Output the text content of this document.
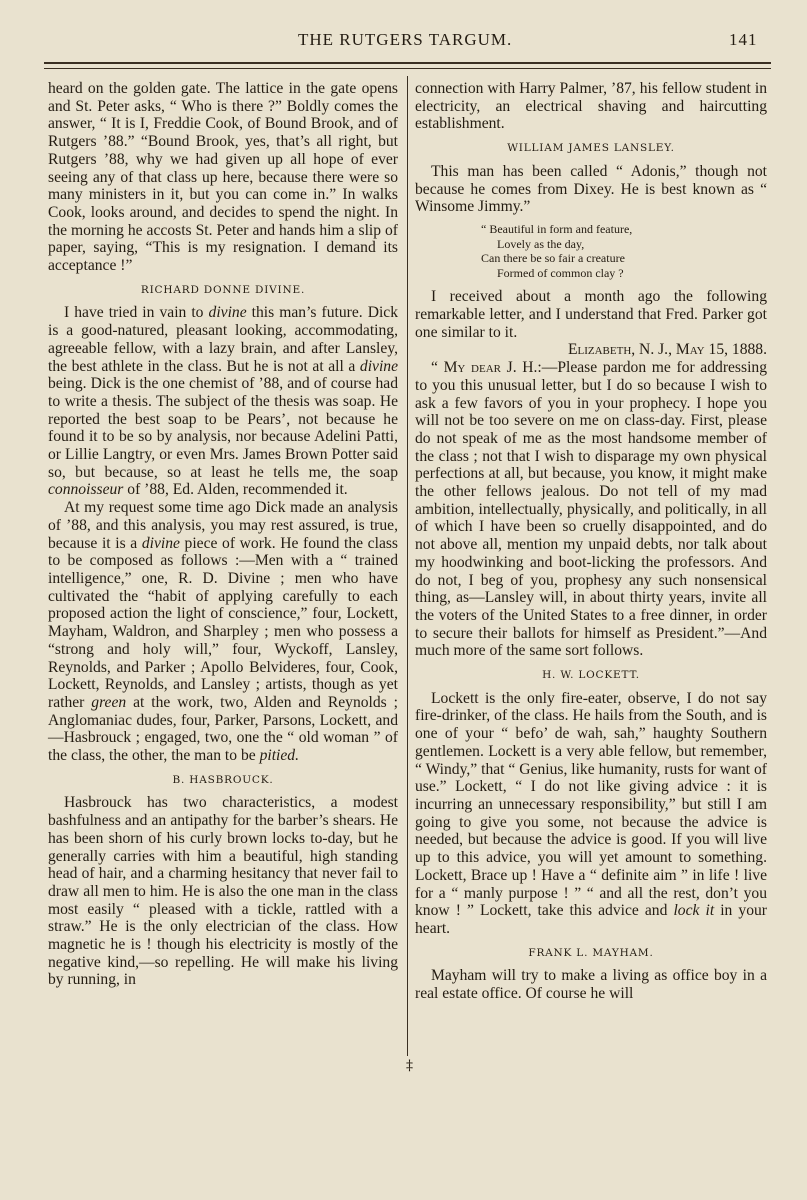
THE RUTGERS TARGUM.	141

heard on the golden gate. The lattice in the gate opens and St. Peter asks, “ Who is there ?” Boldly comes the answer, “ It is I, Freddie Cook, of Bound Brook, and of Rutgers ’88.” “Bound Brook, yes, that’s all right, but Rutgers ’88, why we had given up all hope of ever seeing any of that class up here, because there were so many ministers in it, but you can come in.” In walks Cook, looks around, and decides to spend the night. In the morning he accosts St. Peter and hands him a slip of paper, saying, “This is my resignation. I demand its acceptance !”

RICHARD DONNE DIVINE.

I have tried in vain to divine this man’s future. Dick is a good-natured, pleasant looking, accommodating, agreeable fellow, with a lazy brain, and after Lansley, the best athlete in the class. But he is not at all a divine being. Dick is the one chemist of ’88, and of course had to write a thesis. The subject of the thesis was soap. He reported the best soap to be Pears’, not because he found it to be so by analysis, nor because Adelini Patti, or Lillie Langtry, or even Mrs. James Brown Potter said so, but because, so at least he tells me, the soap connoisseur of ’88, Ed. Alden, recommended it.

At my request some time ago Dick made an analysis of ’88, and this analysis, you may rest assured, is true, because it is a divine piece of work. He found the class to be composed as follows :—Men with a “ trained intelligence,” one, R. D. Divine ; men who have cultivated the “habit of applying carefully to each proposed action the light of conscience,” four, Lockett, Mayham, Waldron, and Sharpley ; men who possess a “strong and holy will,” four, Wyckoff, Lansley, Reynolds, and Parker ; Apollo Belvideres, four, Cook, Lockett, Reynolds, and Lansley ; artists, though as yet rather green at the work, two, Alden and Reynolds ; Anglomaniac dudes, four, Parker, Parsons, Lockett, and—Hasbrouck ; engaged, two, one the “ old woman ” of the class, the other, the man to be pitied.

B. HASBROUCK.

Hasbrouck has two characteristics, a modest bashfulness and an antipathy for the barber’s shears. He has been shorn of his curly brown locks to-day, but he generally carries with him a beautiful, high standing head of hair, and a charming hesitancy that never fail to draw all men to him. He is also the one man in the class most easily “ pleased with a tickle, rattled with a straw.” He is the only electrician of the class. How magnetic he is ! though his electricity is mostly of the negative kind,—so repelling. He will make his living by running, in

connection with Harry Palmer, ’87, his fellow student in electricity, an electrical shaving and haircutting establishment.

WILLIAM JAMES LANSLEY.

This man has been called “ Adonis,” though not because he comes from Dixey. He is best known as “ Winsome Jimmy.”

“ Beautiful in form and feature,
Lovely as the day,
Can there be so fair a creature
Formed of common clay ?

I received about a month ago the following remarkable letter, and I understand that Fred. Parker got one similar to it.

Elizabeth, N. J., May 15, 1888.

“ My dear J. H.:—Please pardon me for addressing to you this unusual letter, but I do so because I wish to ask a few favors of you in your prophecy. I hope you will not be too severe on me on class-day. First, please do not speak of me as the most handsome member of the class ; not that I wish to disparage my own physical perfections at all, but because, you know, it might make the other fellows jealous. Do not tell of my mad ambition, intellectually, physically, and politically, in all of which I have been so cruelly disappointed, and do not above all, mention my unpaid debts, nor talk about my hoodwinking and boot-licking the professors. And do not, I beg of you, prophesy any such nonsensical thing, as—Lansley will, in about thirty years, invite all the voters of the United States to a free dinner, in order to secure their ballots for himself as President.”—And much more of the same sort follows.

H. W. LOCKETT.

Lockett is the only fire-eater, observe, I do not say fire-drinker, of the class. He hails from the South, and is one of your “ befo’ de wah, sah,” haughty Southern gentlemen. Lockett is a very able fellow, but remember, “ Windy,” that “ Genius, like humanity, rusts for want of use.” Lockett, “ I do not like giving advice : it is incurring an unnecessary responsibility,” but still I am going to give you some, not because the advice is needed, but because the advice is good. If you will live up to this advice, you will yet amount to something. Lockett, Brace up ! Have a “ definite aim ” in life ! live for a “ manly purpose ! ” “ and all the rest, don’t you know ! ” Lockett, take this advice and lock it in your heart.

FRANK L. MAYHAM.

Mayham will try to make a living as office boy in a real estate office. Of course he will

‡
